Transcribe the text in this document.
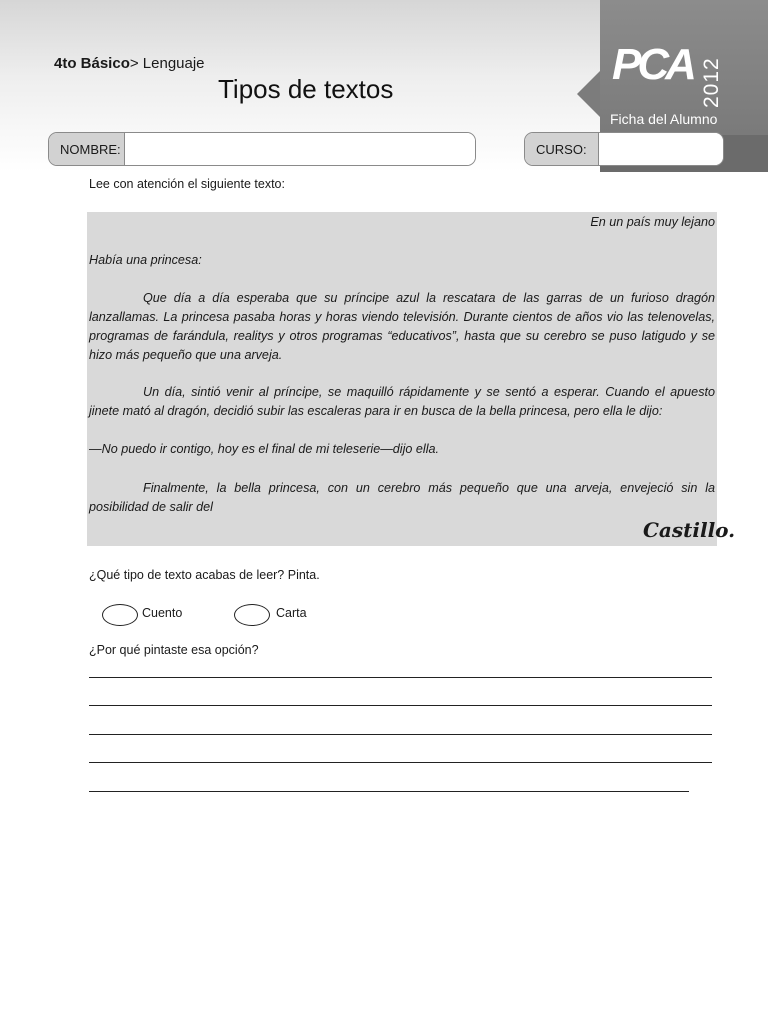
4to Básico> Lenguaje
Tipos de textos	PCA 2012
Ficha del Alumno
NOMBRE:	CURSO:
Lee con atención el siguiente texto:
En un país muy lejano
Había una princesa:
Que día a día esperaba que su príncipe azul la rescatara de las garras de un furioso dragón lanzallamas. La princesa pasaba horas y horas viendo televisión. Durante cientos de años vio las telenovelas, programas de farándula, realitys y otros programas “educativos”, hasta que su cerebro se puso latigudo y se hizo más pequeño que una arveja.
Un día, sintió venir al príncipe, se maquilló rápidamente y se sentó a esperar. Cuando el apuesto jinete mató al dragón, decidió subir las escaleras para ir en busca de la bella princesa, pero ella le dijo:
—No puedo ir contigo, hoy es el final de mi teleserie—dijo ella.
Finalmente, la bella princesa, con un cerebro más pequeño que una arveja, envejeció sin la posibilidad de salir del
Castillo.
¿Qué tipo de texto acabas de leer? Pinta.
Cuento	Carta
¿Por qué pintaste esa opción?
